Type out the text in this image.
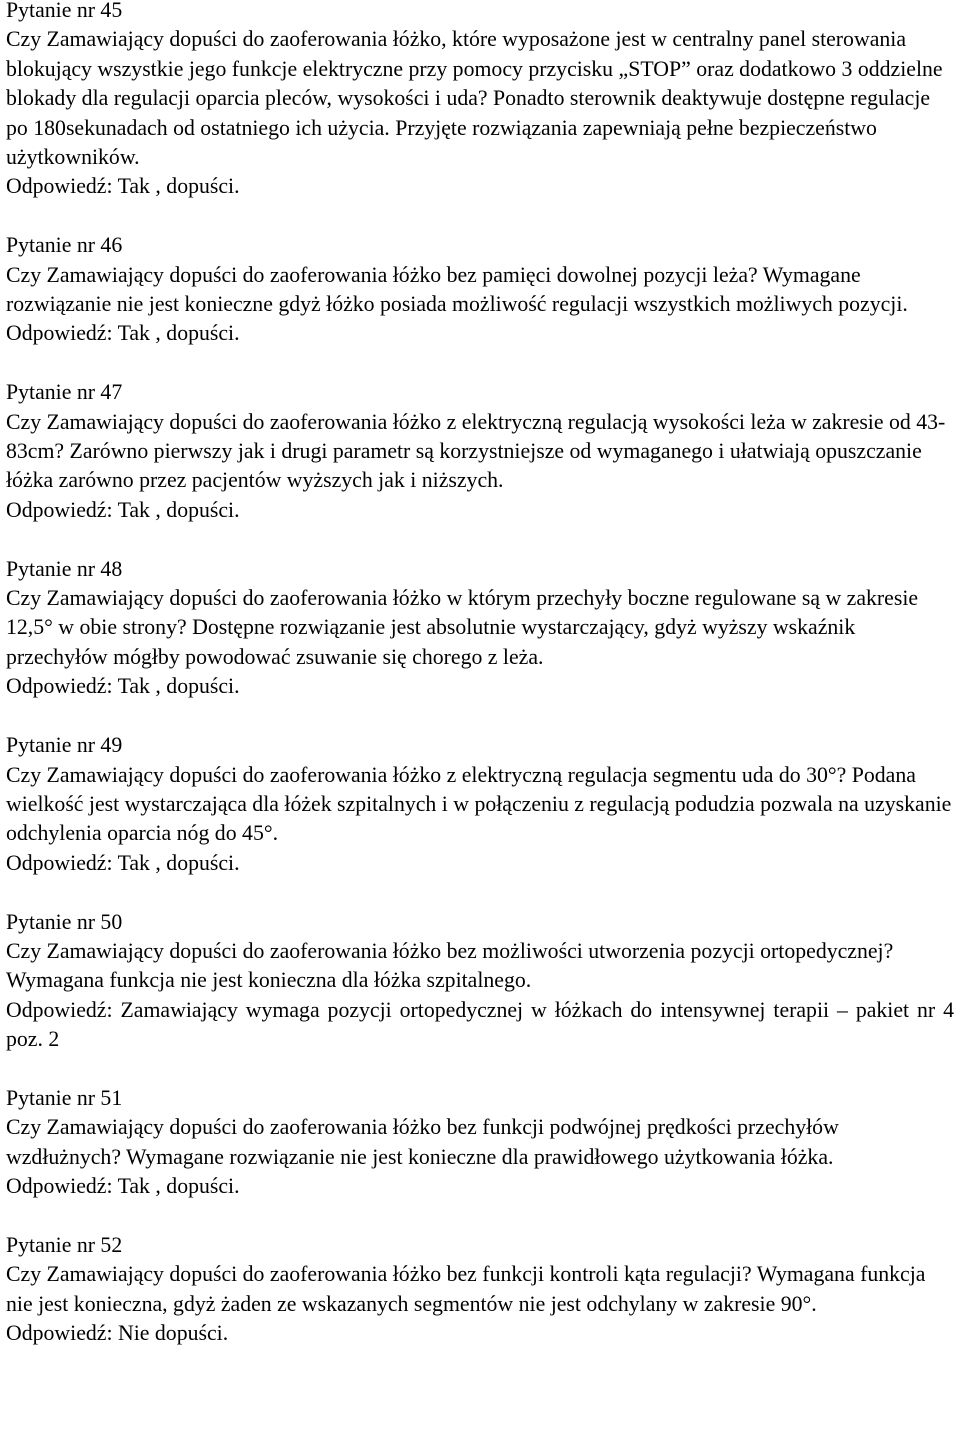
Pytanie nr 45

Czy Zamawiający dopuści do zaoferowania łóżko, które wyposażone jest w centralny panel sterowania blokujący wszystkie jego funkcje elektryczne przy pomocy przycisku „STOP” oraz dodatkowo 3 oddzielne blokady dla regulacji oparcia pleców, wysokości i uda? Ponadto sterownik deaktywuje dostępne regulacje po 180sekunadach od ostatniego ich użycia. Przyjęte rozwiązania zapewniają pełne bezpieczeństwo użytkowników.

Odpowiedź: Tak , dopuści.

Pytanie nr 46

Czy Zamawiający dopuści do zaoferowania łóżko bez pamięci dowolnej pozycji leża? Wymagane rozwiązanie nie jest konieczne gdyż łóżko posiada możliwość regulacji wszystkich możliwych pozycji.

Odpowiedź: Tak , dopuści.

Pytanie nr 47

Czy Zamawiający dopuści do zaoferowania łóżko z elektryczną regulacją wysokości leża w zakresie od 43-83cm? Zarówno pierwszy jak i drugi parametr są korzystniejsze od wymaganego i ułatwiają opuszczanie łóżka zarówno przez pacjentów wyższych jak i niższych.

Odpowiedź: Tak , dopuści.

Pytanie nr 48

Czy Zamawiający dopuści do zaoferowania łóżko w którym przechyły boczne regulowane są w zakresie 12,5° w obie strony? Dostępne rozwiązanie jest absolutnie wystarczający, gdyż wyższy wskaźnik przechyłów mógłby powodować zsuwanie się chorego z leża.

Odpowiedź: Tak , dopuści.

Pytanie nr 49

Czy Zamawiający dopuści do zaoferowania łóżko z elektryczną regulacja segmentu uda do 30°? Podana wielkość jest wystarczająca dla łóżek szpitalnych i w połączeniu z regulacją podudzia pozwala na uzyskanie odchylenia oparcia nóg do 45°.

Odpowiedź: Tak , dopuści.

Pytanie nr 50

Czy Zamawiający dopuści do zaoferowania łóżko bez możliwości utworzenia pozycji ortopedycznej? Wymagana funkcja nie jest konieczna dla łóżka szpitalnego.

Odpowiedź: Zamawiający wymaga pozycji ortopedycznej w łóżkach do intensywnej terapii – pakiet nr 4 poz. 2

Pytanie nr 51

Czy Zamawiający dopuści do zaoferowania łóżko bez funkcji podwójnej prędkości przechyłów wzdłużnych? Wymagane rozwiązanie nie jest konieczne dla prawidłowego użytkowania łóżka.

Odpowiedź: Tak , dopuści.

Pytanie nr 52

Czy Zamawiający dopuści do zaoferowania łóżko bez funkcji kontroli kąta regulacji? Wymagana funkcja nie jest konieczna, gdyż żaden ze wskazanych segmentów nie jest odchylany w zakresie 90°.

Odpowiedź: Nie dopuści.
